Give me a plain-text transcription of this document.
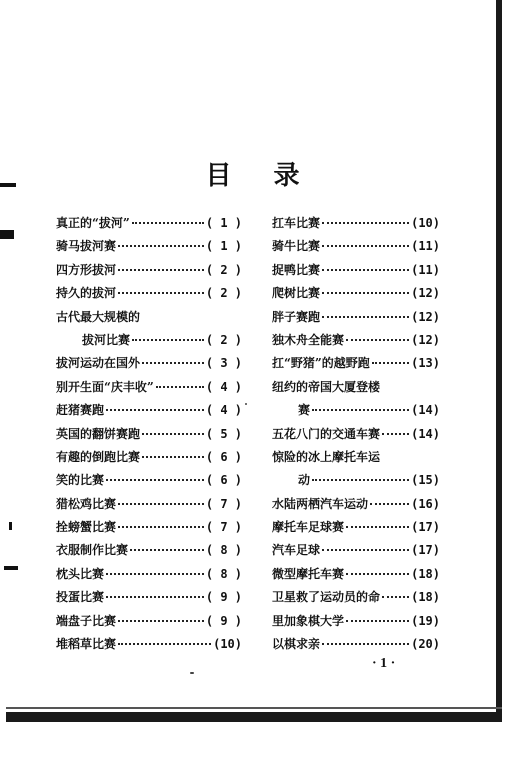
目 录
真正的“拔河”	( 1 )
骑马拔河赛	( 1 )
四方形拔河	( 2 )
持久的拔河	( 2 )
古代最大规模的
拔河比赛	( 2 )
拔河运动在国外	( 3 )
别开生面“庆丰收”	( 4 )
赶猪赛跑	( 4 )
英国的翻饼赛跑	( 5 )
有趣的倒跑比赛	( 6 )
笑的比赛	( 6 )
猎松鸡比赛	( 7 )
拴螃蟹比赛	( 7 )
衣服制作比赛	( 8 )
枕头比赛	( 8 )
投蛋比赛	( 9 )
端盘子比赛	( 9 )
堆稻草比赛	(10)
扛车比赛	(10)
骑牛比赛	(11)
捉鸭比赛	(11)
爬树比赛	(12)
胖子赛跑	(12)
独木舟全能赛	(12)
扛“野猪”的越野跑	(13)
纽约的帝国大厦登楼
赛	(14)
五花八门的交通车赛	(14)
惊险的冰上摩托车运
动	(15)
水陆两栖汽车运动	(16)
摩托车足球赛	(17)
汽车足球	(17)
微型摩托车赛	(18)
卫星救了运动员的命	(18)
里加象棋大学	(19)
以棋求亲	(20)
· 1 ·
